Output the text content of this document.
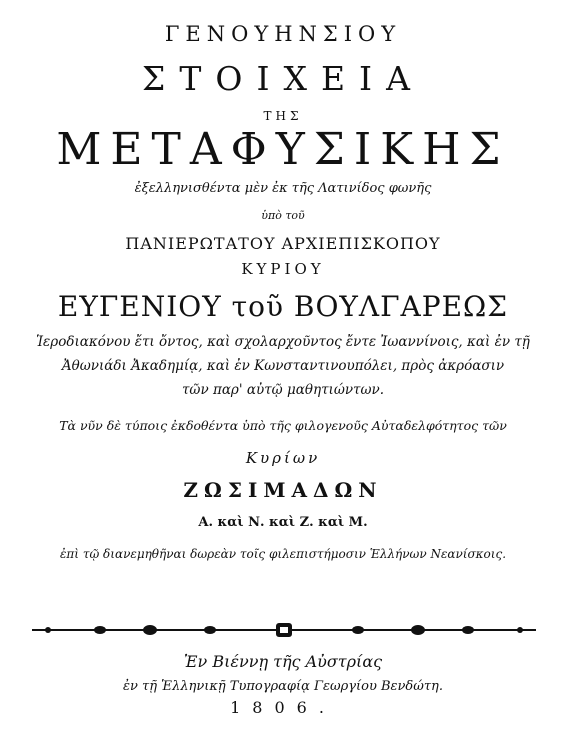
ΓΕΝΟΥΗΝΣΙΟΥ
ΣΤΟΙΧΕΙΑ
ΤΗΣ
ΜΕΤΑΦΥΣΙΚΗΣ
ἐξελληνισθέντα μὲν ἐκ τῆς Λατινίδος φωνῆς
ὑπὸ τοῦ
ΠΑΝΙΕΡΩΤΑΤΟΥ ΑΡΧΙΕΠΙΣΚΟΠΟΥ
ΚΥΡΙΟΥ
ΕΥΓΕΝΙΟΥ τοῦ ΒΟΥΛΓΑΡΕΩΣ
Ἱεροδιακόνου ἔτι ὄντος, καὶ σχολαρχοῦντος ἔντε Ἰωαννίνοις, καὶ ἐν τῇ
Ἀθωνιάδι Ἀκαδημίᾳ, καὶ ἐν Κωνσταντινουπόλει, πρὸς ἀκρόασιν
τῶν παρ' αὐτῷ μαθητιώντων.
Τὰ νῦν δὲ τύποις ἐκδοθέντα ὑπὸ τῆς φιλογενοῦς Αὐταδελφότητος τῶν
Κυρίων
ΖΩΣΙΜΑΔΩΝ
Α. καὶ Ν. καὶ Ζ. καὶ Μ.
ἐπὶ τῷ διανεμηθῆναι δωρεὰν τοῖς φιλεπιστήμοσιν Ἑλλήνων Νεανίσκοις.
Ἐν Βιέννῃ τῆς Αὐστρίας
ἐν τῇ Ἑλληνικῇ Τυπογραφίᾳ Γεωργίου Βενδώτη.
1806.
